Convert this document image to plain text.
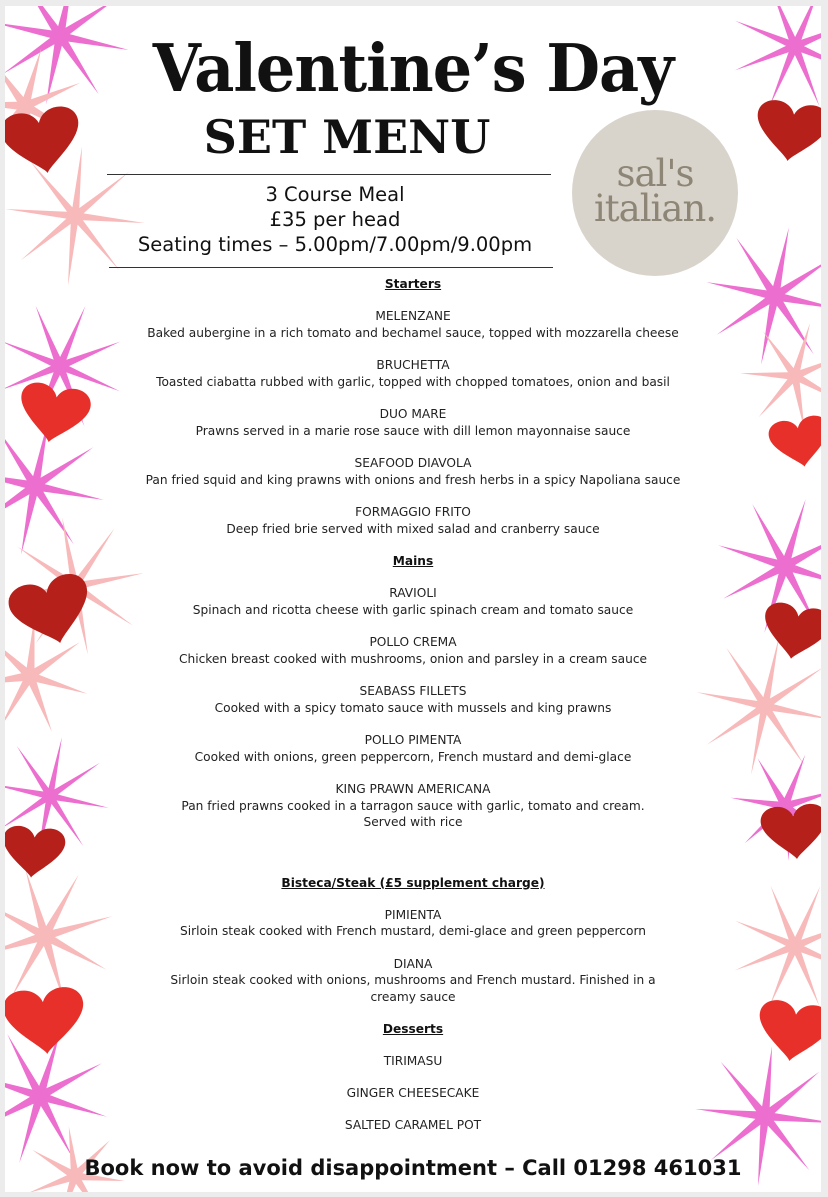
Valentine’s Day
SET MENU
3 Course Meal
£35 per head
Seating times – 5.00pm/7.00pm/9.00pm
sal's
italian.
Starters
MELENZANE
Baked aubergine in a rich tomato and bechamel sauce, topped with mozzarella cheese
BRUCHETTA
Toasted ciabatta rubbed with garlic, topped with chopped tomatoes, onion and basil
DUO MARE
Prawns served in a marie rose sauce with dill lemon mayonnaise sauce
SEAFOOD DIAVOLA
Pan fried squid and king prawns with onions and fresh herbs in a spicy Napoliana sauce
FORMAGGIO FRITO
Deep fried brie served with mixed salad and cranberry sauce
Mains
RAVIOLI
Spinach and ricotta cheese with garlic spinach cream and tomato sauce
POLLO CREMA
Chicken breast cooked with mushrooms, onion and parsley in a cream sauce
SEABASS FILLETS
Cooked with a spicy tomato sauce with mussels and king prawns
POLLO PIMENTA
Cooked with onions, green peppercorn, French mustard and demi-glace
KING PRAWN AMERICANA
Pan fried prawns cooked in a tarragon sauce with garlic, tomato and cream.
Served with rice
Bisteca/Steak (£5 supplement charge)
PIMIENTA
Sirloin steak cooked with French mustard, demi-glace and green peppercorn
DIANA
Sirloin steak cooked with onions, mushrooms and French mustard. Finished in a
creamy sauce
Desserts
TIRIMASU
GINGER CHEESECAKE
SALTED CARAMEL POT
Book now to avoid disappointment – Call 01298 461031
